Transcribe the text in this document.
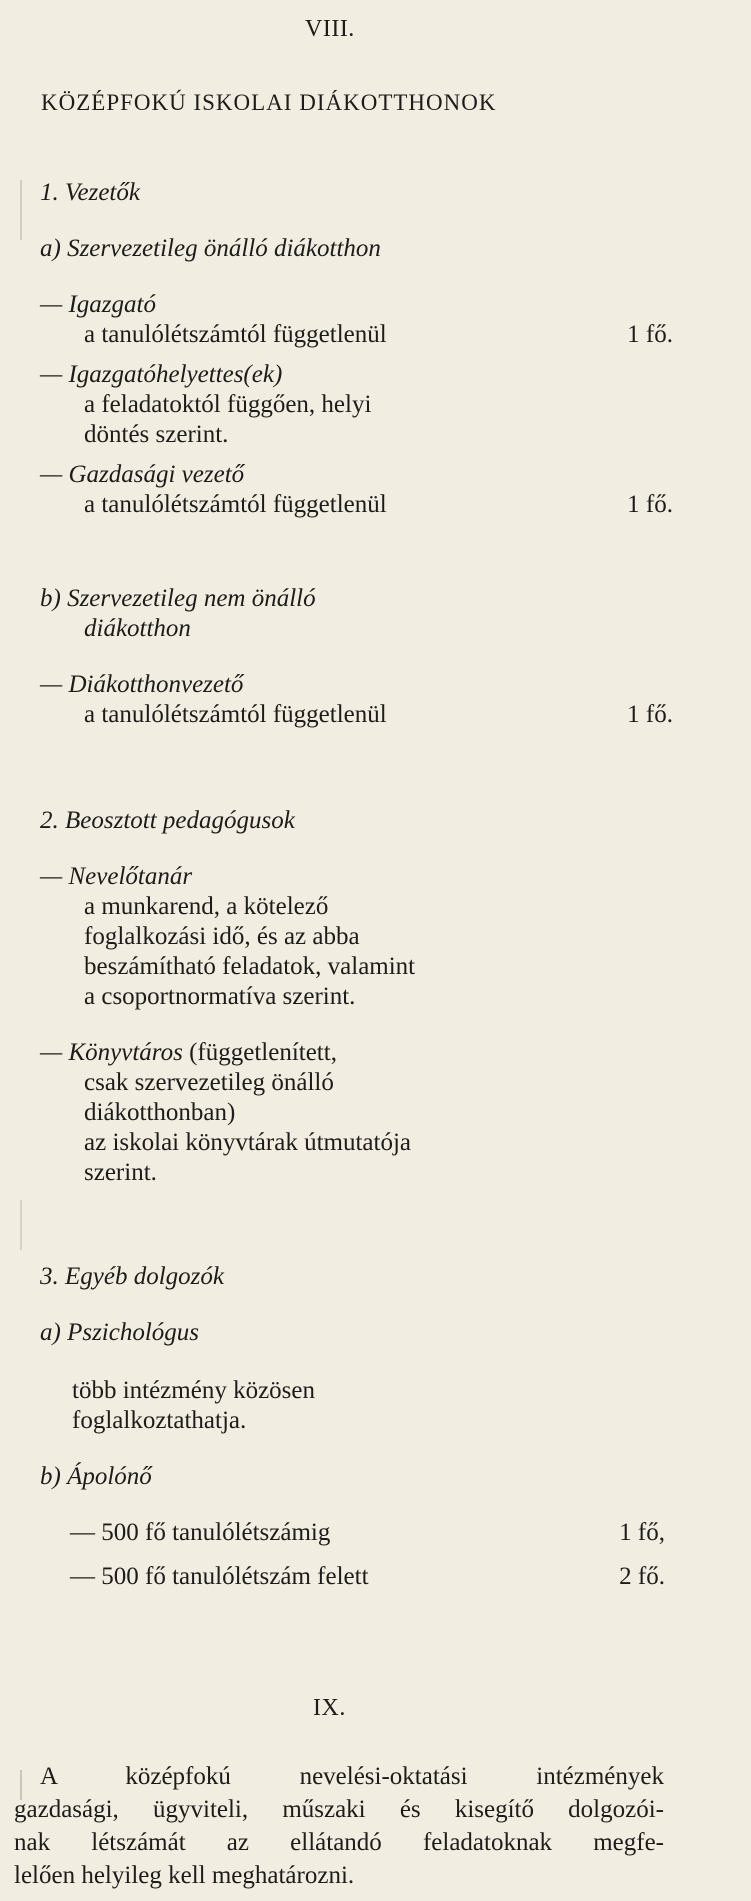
VIII.
KÖZÉPFOKÚ ISKOLAI DIÁKOTTHONOK
1. Vezetők
a) Szervezetileg önálló diákotthon
— Igazgató
a tanulólétszámtól függetlenül	1 fő.
— Igazgatóhelyettes(ek)
a feladatoktól függően, helyi
döntés szerint.
— Gazdasági vezető
a tanulólétszámtól függetlenül	1 fő.
b) Szervezetileg nem önálló
diákotthon
— Diákotthonvezető
a tanulólétszámtól függetlenül	1 fő.
2. Beosztott pedagógusok
— Nevelőtanár
a munkarend, a kötelező
foglalkozási idő, és az abba
beszámítható feladatok, valamint
a csoportnormatíva szerint.
— Könyvtáros (függetlenített,
csak szervezetileg önálló
diákotthonban)
az iskolai könyvtárak útmutatója
szerint.
3. Egyéb dolgozók
a) Pszichológus
több intézmény közösen
foglalkoztathatja.
b) Ápolónő
— 500 fő tanulólétszámig	1 fő,
— 500 fő tanulólétszám felett	2 fő.
IX.
A középfokú nevelési-oktatási intézmények
gazdasági, ügyviteli, műszaki és kisegítő dolgozói-
nak létszámát az ellátandó feladatoknak megfe-
lelően helyileg kell meghatározni.
